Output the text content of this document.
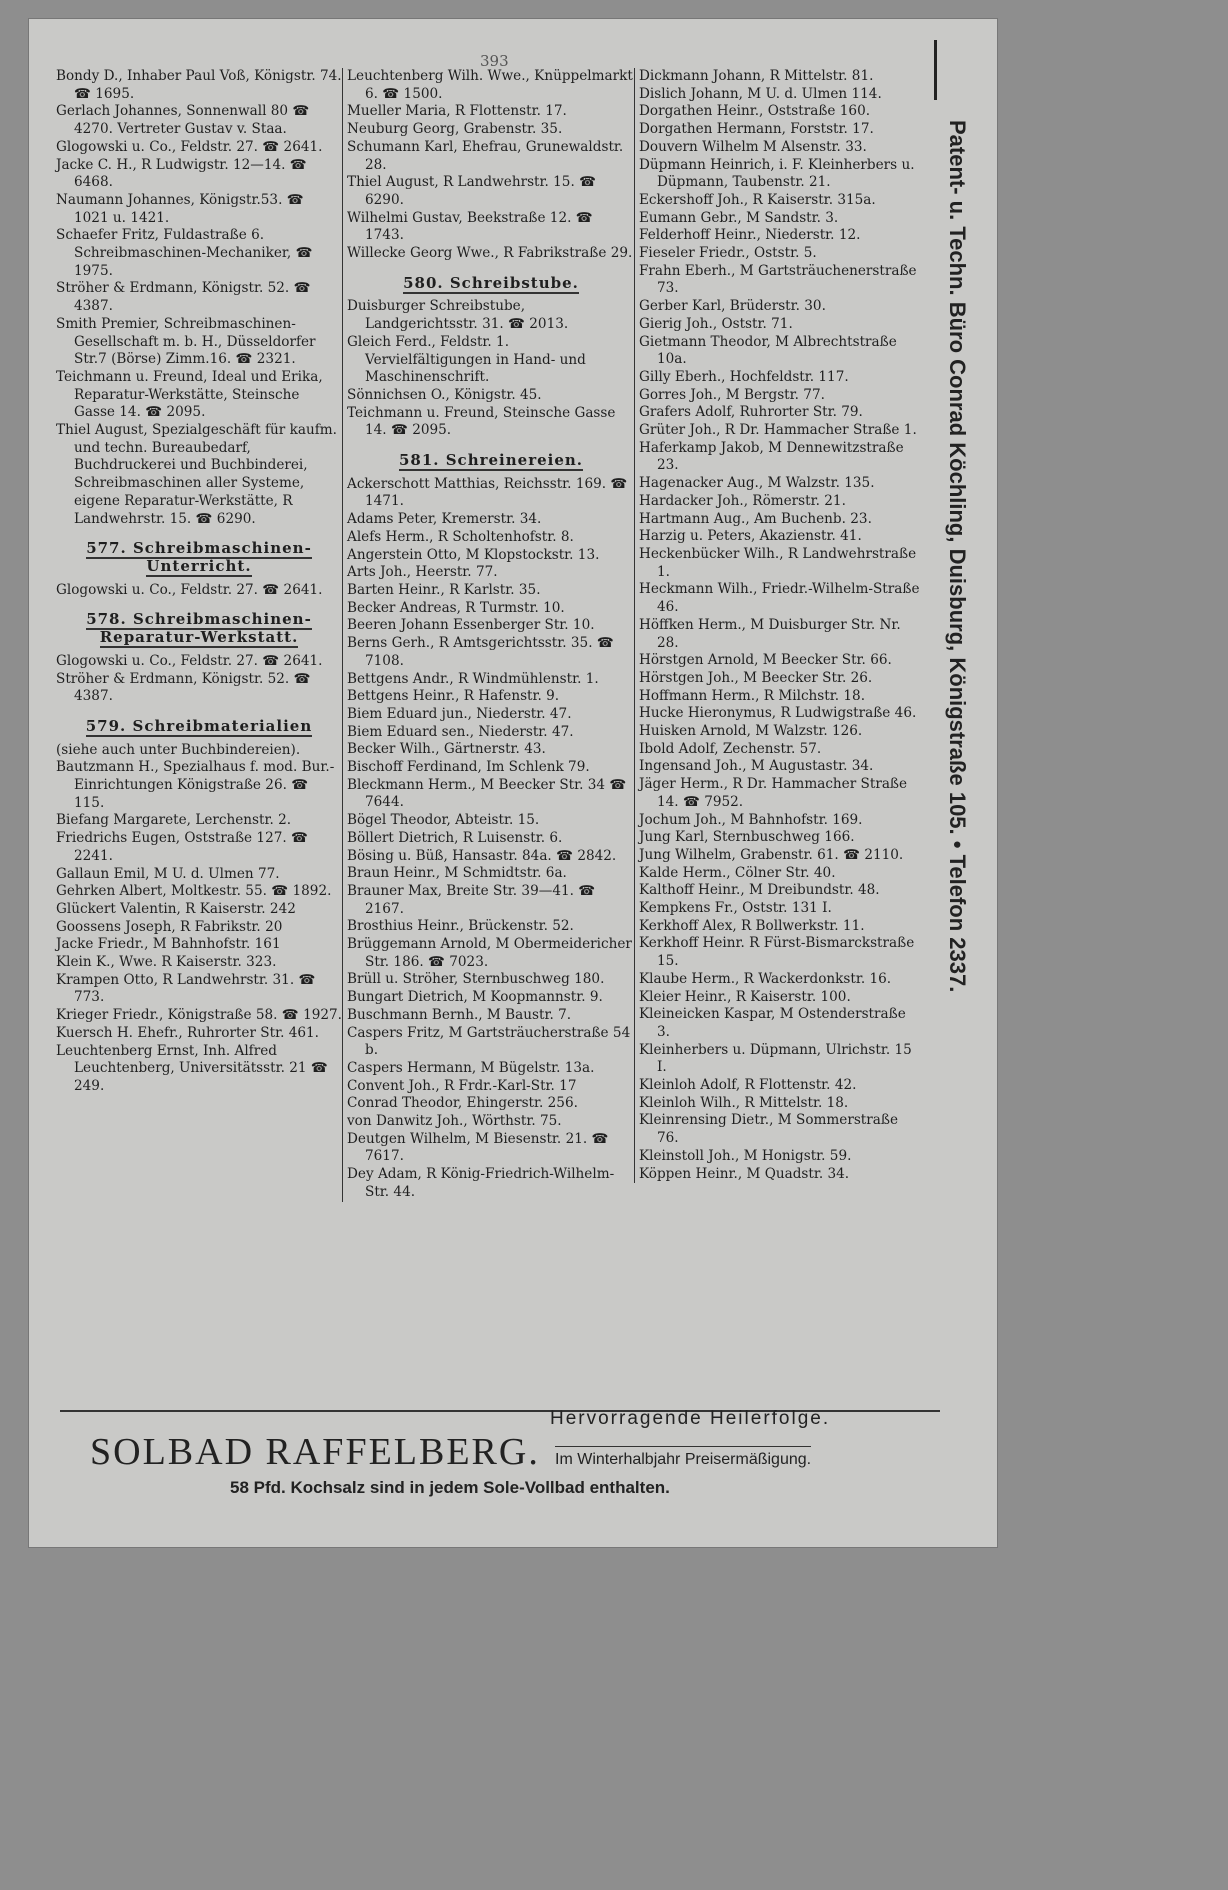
393

Bondy D., Inhaber Paul Voß, Königstr. 74. ☎ 1695.

Gerlach Johannes, Sonnenwall 80 ☎ 4270. Vertreter Gustav v. Staa.

Glogowski u. Co., Feldstr. 27. ☎ 2641.

Jacke C. H., R Ludwigstr. 12—14. ☎ 6468.

Naumann Johannes, Königstr.53. ☎ 1021 u. 1421.

Schaefer Fritz, Fuldastraße 6. Schreibmaschinen-Mechaniker, ☎ 1975.

Ströher & Erdmann, Königstr. 52. ☎ 4387.

Smith Premier, Schreibmaschinen-Gesellschaft m. b. H., Düsseldorfer Str.7 (Börse) Zimm.16. ☎ 2321.

Teichmann u. Freund, Ideal und Erika, Reparatur-Werkstätte, Steinsche Gasse 14. ☎ 2095.

Thiel August, Spezialgeschäft für kaufm. und techn. Bureaubedarf, Buchdruckerei und Buchbinderei, Schreibmaschinen aller Systeme, eigene Reparatur-Werkstätte, R Landwehrstr. 15. ☎ 6290.

577. Schreibmaschinen-Unterricht.

Glogowski u. Co., Feldstr. 27. ☎ 2641.

578. Schreibmaschinen-Reparatur-Werkstatt.

Glogowski u. Co., Feldstr. 27. ☎ 2641.

Ströher & Erdmann, Königstr. 52. ☎ 4387.

579. Schreibmaterialien

(siehe auch unter Buchbindereien).

Bautzmann H., Spezialhaus f. mod. Bur.-Einrichtungen Königstraße 26. ☎ 115.

Biefang Margarete, Lerchenstr. 2.

Friedrichs Eugen, Oststraße 127. ☎ 2241.

Gallaun Emil, M U. d. Ulmen 77.

Gehrken Albert, Moltkestr. 55. ☎ 1892.

Glückert Valentin, R Kaiserstr. 242

Goossens Joseph, R Fabrikstr. 20

Jacke Friedr., M Bahnhofstr. 161

Klein K., Wwe. R Kaiserstr. 323.

Krampen Otto, R Landwehrstr. 31. ☎ 773.

Krieger Friedr., Königstraße 58. ☎ 1927.

Kuersch H. Ehefr., Ruhrorter Str. 461.

Leuchtenberg Ernst, Inh. Alfred Leuchtenberg, Universitätsstr. 21 ☎ 249.

Leuchtenberg Wilh. Wwe., Knüppelmarkt 6. ☎ 1500.

Mueller Maria, R Flottenstr. 17.

Neuburg Georg, Grabenstr. 35.

Schumann Karl, Ehefrau, Grunewaldstr. 28.

Thiel August, R Landwehrstr. 15. ☎ 6290.

Wilhelmi Gustav, Beekstraße 12. ☎ 1743.

Willecke Georg Wwe., R Fabrikstraße 29.

580. Schreibstube.

Duisburger Schreibstube, Landgerichtsstr. 31. ☎ 2013.

Gleich Ferd., Feldstr. 1. Vervielfältigungen in Hand- und Maschinenschrift.

Sönnichsen O., Königstr. 45.

Teichmann u. Freund, Steinsche Gasse 14. ☎ 2095.

581. Schreinereien.

Ackerschott Matthias, Reichsstr. 169. ☎ 1471.

Adams Peter, Kremerstr. 34.

Alefs Herm., R Scholtenhofstr. 8.

Angerstein Otto, M Klopstockstr. 13.

Arts Joh., Heerstr. 77.

Barten Heinr., R Karlstr. 35.

Becker Andreas, R Turmstr. 10.

Beeren Johann Essenberger Str. 10.

Berns Gerh., R Amtsgerichtsstr. 35. ☎ 7108.

Bettgens Andr., R Windmühlenstr. 1.

Bettgens Heinr., R Hafenstr. 9.

Biem Eduard jun., Niederstr. 47.

Biem Eduard sen., Niederstr. 47.

Becker Wilh., Gärtnerstr. 43.

Bischoff Ferdinand, Im Schlenk 79.

Bleckmann Herm., M Beecker Str. 34 ☎ 7644.

Bögel Theodor, Abteistr. 15.

Böllert Dietrich, R Luisenstr. 6.

Bösing u. Büß, Hansastr. 84a. ☎ 2842.

Braun Heinr., M Schmidtstr. 6a.

Brauner Max, Breite Str. 39—41. ☎ 2167.

Brosthius Heinr., Brückenstr. 52.

Brüggemann Arnold, M Obermeidericher Str. 186. ☎ 7023.

Brüll u. Ströher, Sternbuschweg 180.

Bungart Dietrich, M Koopmannstr. 9.

Buschmann Bernh., M Baustr. 7.

Caspers Fritz, M Gartsträucherstraße 54 b.

Caspers Hermann, M Bügelstr. 13a.

Convent Joh., R Frdr.-Karl-Str. 17

Conrad Theodor, Ehingerstr. 256.

von Danwitz Joh., Wörthstr. 75.

Deutgen Wilhelm, M Biesenstr. 21. ☎ 7617.

Dey Adam, R König-Friedrich-Wilhelm-Str. 44.

Dickmann Johann, R Mittelstr. 81.

Dislich Johann, M U. d. Ulmen 114.

Dorgathen Heinr., Oststraße 160.

Dorgathen Hermann, Forststr. 17.

Douvern Wilhelm M Alsenstr. 33.

Düpmann Heinrich, i. F. Kleinherbers u. Düpmann, Taubenstr. 21.

Eckershoff Joh., R Kaiserstr. 315a.

Eumann Gebr., M Sandstr. 3.

Felderhoff Heinr., Niederstr. 12.

Fieseler Friedr., Oststr. 5.

Frahn Eberh., M Gartsträuchenerstraße 73.

Gerber Karl, Brüderstr. 30.

Gierig Joh., Oststr. 71.

Gietmann Theodor, M Albrechtstraße 10a.

Gilly Eberh., Hochfeldstr. 117.

Gorres Joh., M Bergstr. 77.

Grafers Adolf, Ruhrorter Str. 79.

Grüter Joh., R Dr. Hammacher Straße 1.

Haferkamp Jakob, M Dennewitzstraße 23.

Hagenacker Aug., M Walzstr. 135.

Hardacker Joh., Römerstr. 21.

Hartmann Aug., Am Buchenb. 23.

Harzig u. Peters, Akazienstr. 41.

Heckenbücker Wilh., R Landwehrstraße 1.

Heckmann Wilh., Friedr.-Wilhelm-Straße 46.

Höffken Herm., M Duisburger Str. Nr. 28.

Hörstgen Arnold, M Beecker Str. 66.

Hörstgen Joh., M Beecker Str. 26.

Hoffmann Herm., R Milchstr. 18.

Hucke Hieronymus, R Ludwigstraße 46.

Huisken Arnold, M Walzstr. 126.

Ibold Adolf, Zechenstr. 57.

Ingensand Joh., M Augustastr. 34.

Jäger Herm., R Dr. Hammacher Straße 14. ☎ 7952.

Jochum Joh., M Bahnhofstr. 169.

Jung Karl, Sternbuschweg 166.

Jung Wilhelm, Grabenstr. 61. ☎ 2110.

Kalde Herm., Cölner Str. 40.

Kalthoff Heinr., M Dreibundstr. 48.

Kempkens Fr., Oststr. 131 I.

Kerkhoff Alex, R Bollwerkstr. 11.

Kerkhoff Heinr. R Fürst-Bismarckstraße 15.

Klaube Herm., R Wackerdonkstr. 16.

Kleier Heinr., R Kaiserstr. 100.

Kleineicken Kaspar, M Ostenderstraße 3.

Kleinherbers u. Düpmann, Ulrichstr. 15 I.

Kleinloh Adolf, R Flottenstr. 42.

Kleinloh Wilh., R Mittelstr. 18.

Kleinrensing Dietr., M Sommerstraße 76.

Kleinstoll Joh., M Honigstr. 59.

Köppen Heinr., M Quadstr. 34.

Patent- u. Techn. Büro Conrad Köchling, Duisburg, Königstraße 105. • Telefon 2337.
SOLBAD RAFFELBERG.
Hervorragende Heilerfolge.
Im Winterhalbjahr Preisermäßigung.
58 Pfd. Kochsalz sind in jedem Sole-Vollbad enthalten.
